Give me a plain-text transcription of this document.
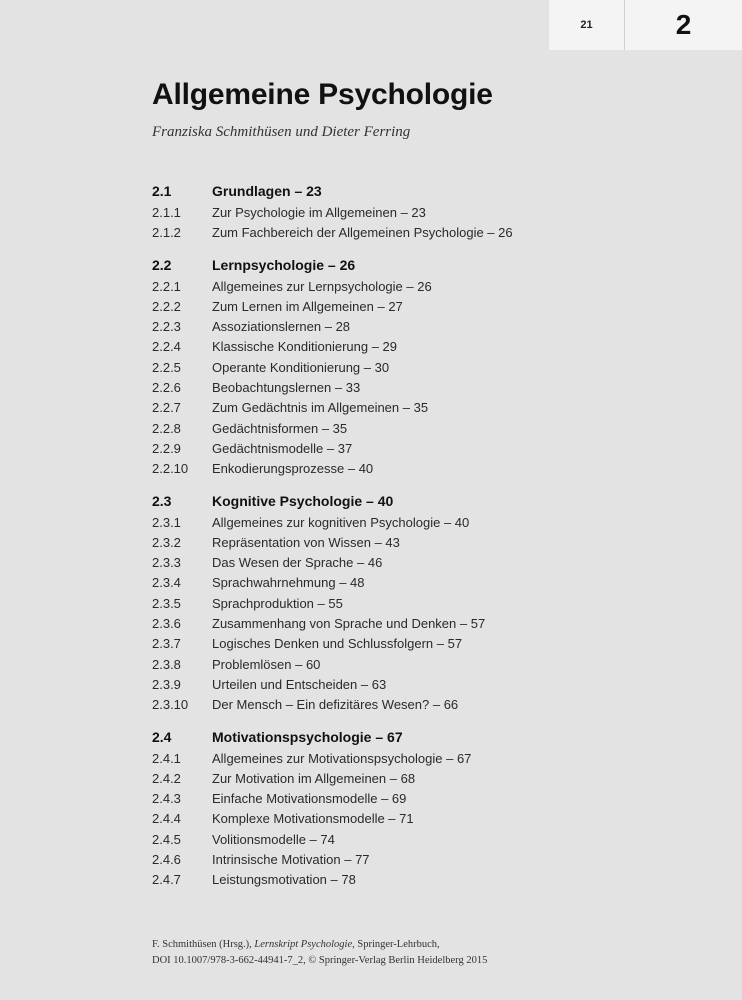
21	2
Allgemeine Psychologie

Franziska Schmithüsen und Dieter Ferring

2.1	Grundlagen – 23
2.1.1	Zur Psychologie im Allgemeinen – 23
2.1.2	Zum Fachbereich der Allgemeinen Psychologie – 26
2.2	Lernpsychologie – 26
2.2.1	Allgemeines zur Lernpsychologie – 26
2.2.2	Zum Lernen im Allgemeinen – 27
2.2.3	Assoziationslernen – 28
2.2.4	Klassische Konditionierung – 29
2.2.5	Operante Konditionierung – 30
2.2.6	Beobachtungslernen – 33
2.2.7	Zum Gedächtnis im Allgemeinen – 35
2.2.8	Gedächtnisformen – 35
2.2.9	Gedächtnismodelle – 37
2.2.10	Enkodierungsprozesse – 40
2.3	Kognitive Psychologie – 40
2.3.1	Allgemeines zur kognitiven Psychologie – 40
2.3.2	Repräsentation von Wissen – 43
2.3.3	Das Wesen der Sprache – 46
2.3.4	Sprachwahrnehmung – 48
2.3.5	Sprachproduktion – 55
2.3.6	Zusammenhang von Sprache und Denken – 57
2.3.7	Logisches Denken und Schlussfolgern – 57
2.3.8	Problemlösen – 60
2.3.9	Urteilen und Entscheiden – 63
2.3.10	Der Mensch – Ein defizitäres Wesen? – 66
2.4	Motivationspsychologie – 67
2.4.1	Allgemeines zur Motivationspsychologie – 67
2.4.2	Zur Motivation im Allgemeinen – 68
2.4.3	Einfache Motivationsmodelle – 69
2.4.4	Komplexe Motivationsmodelle – 71
2.4.5	Volitionsmodelle – 74
2.4.6	Intrinsische Motivation – 77
2.4.7	Leistungsmotivation – 78
F. Schmithüsen (Hrsg.), Lernskript Psychologie, Springer-Lehrbuch,
DOI 10.1007/978-3-662-44941-7_2, © Springer-Verlag Berlin Heidelberg 2015
